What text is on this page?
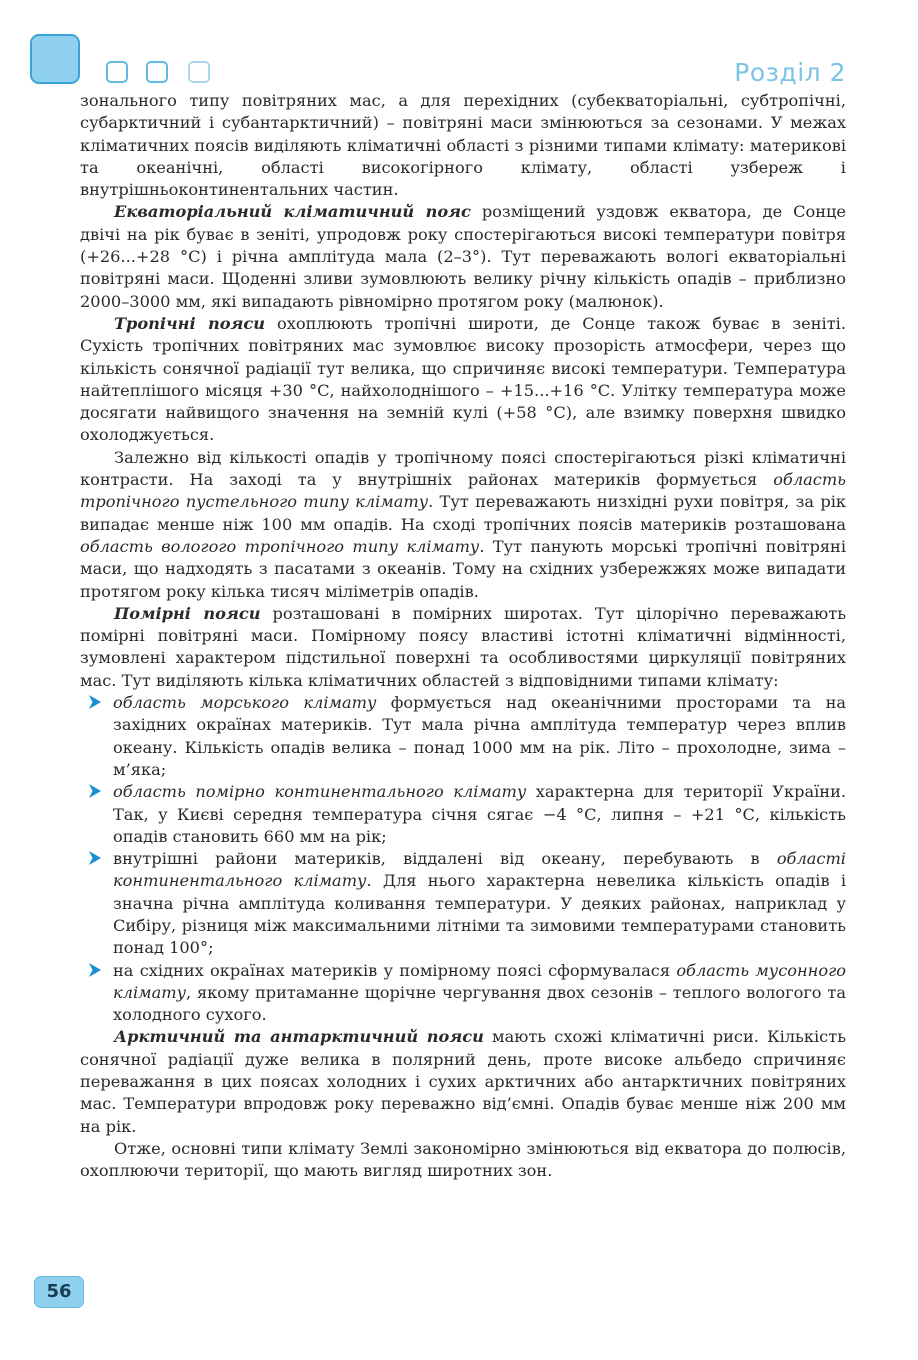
Розділ 2

зонального типу повітряних мас, а для перехідних (субекваторіальні, субтропічні, субарктичний і субантарктичний) – повітряні маси змінюються за сезонами. У межах кліматичних поясів виділяють кліматичні області з різними типами клімату: материкові та океанічні, області високогірного клімату, області узбереж і внутрішньоконтинентальних частин.

Екваторіальний кліматичний пояс розміщений уздовж екватора, де Сонце двічі на рік буває в зеніті, упродовж року спостерігаються високі температури повітря (+26...+28 °С) і річна амплітуда мала (2–3°). Тут переважають вологі екваторіальні повітряні маси. Щоденні зливи зумовлюють велику річну кількість опадів – приблизно 2000–3000 мм, які випадають рівномірно протягом року (малюнок).

Тропічні пояси охоплюють тропічні широти, де Сонце також буває в зеніті. Сухість тропічних повітряних мас зумовлює високу прозорість атмосфери, через що кількість сонячної радіації тут велика, що спричиняє високі температури. Температура найтеплішого місяця +30 °С, найхолоднішого – +15...+16 °С. Улітку температура може досягати найвищого значення на земній кулі (+58 °С), але взимку поверхня швидко охолоджується.

Залежно від кількості опадів у тропічному поясі спостерігаються різкі кліматичні контрасти. На заході та у внутрішніх районах материків формується область тропічного пустельного типу клімату. Тут переважають низхідні рухи повітря, за рік випадає менше ніж 100 мм опадів. На сході тропічних поясів материків розташована область вологого тропічного типу клімату. Тут панують морські тропічні повітряні маси, що надходять з пасатами з океанів. Тому на східних узбережжях може випадати протягом року кілька тисяч міліметрів опадів.

Помірні пояси розташовані в помірних широтах. Тут цілорічно переважають помірні повітряні маси. Помірному поясу властиві істотні кліматичні відмінності, зумовлені характером підстильної поверхні та особливостями циркуляції повітряних мас. Тут виділяють кілька кліматичних областей з відповідними типами клімату:

область морського клімату формується над океанічними просторами та на західних окраїнах материків. Тут мала річна амплітуда температур через вплив океану. Кількість опадів велика – понад 1000 мм на рік. Літо – прохолодне, зима – м’яка;
область помірно континентального клімату характерна для території України. Так, у Києві середня температура січня сягає −4 °С, липня – +21 °С, кількість опадів становить 660 мм на рік;
внутрішні райони материків, віддалені від океану, перебувають в області континентального клімату. Для нього характерна невелика кількість опадів і значна річна амплітуда коливання температури. У деяких районах, наприклад у Сибіру, різниця між максимальними літніми та зимовими температурами становить понад 100°;
на східних окраїнах материків у помірному поясі сформувалася область мусонного клімату, якому притаманне щорічне чергування двох сезонів – теплого вологого та холодного сухого.

Арктичний та антарктичний пояси мають схожі кліматичні риси. Кількість сонячної радіації дуже велика в полярний день, проте високе альбедо спричиняє переважання в цих поясах холодних і сухих арктичних або антарктичних повітряних мас. Температури впродовж року переважно від’ємні. Опадів буває менше ніж 200 мм на рік.

Отже, основні типи клімату Землі закономірно змінюються від екватора до полюсів, охоплюючи території, що мають вигляд широтних зон.

56
